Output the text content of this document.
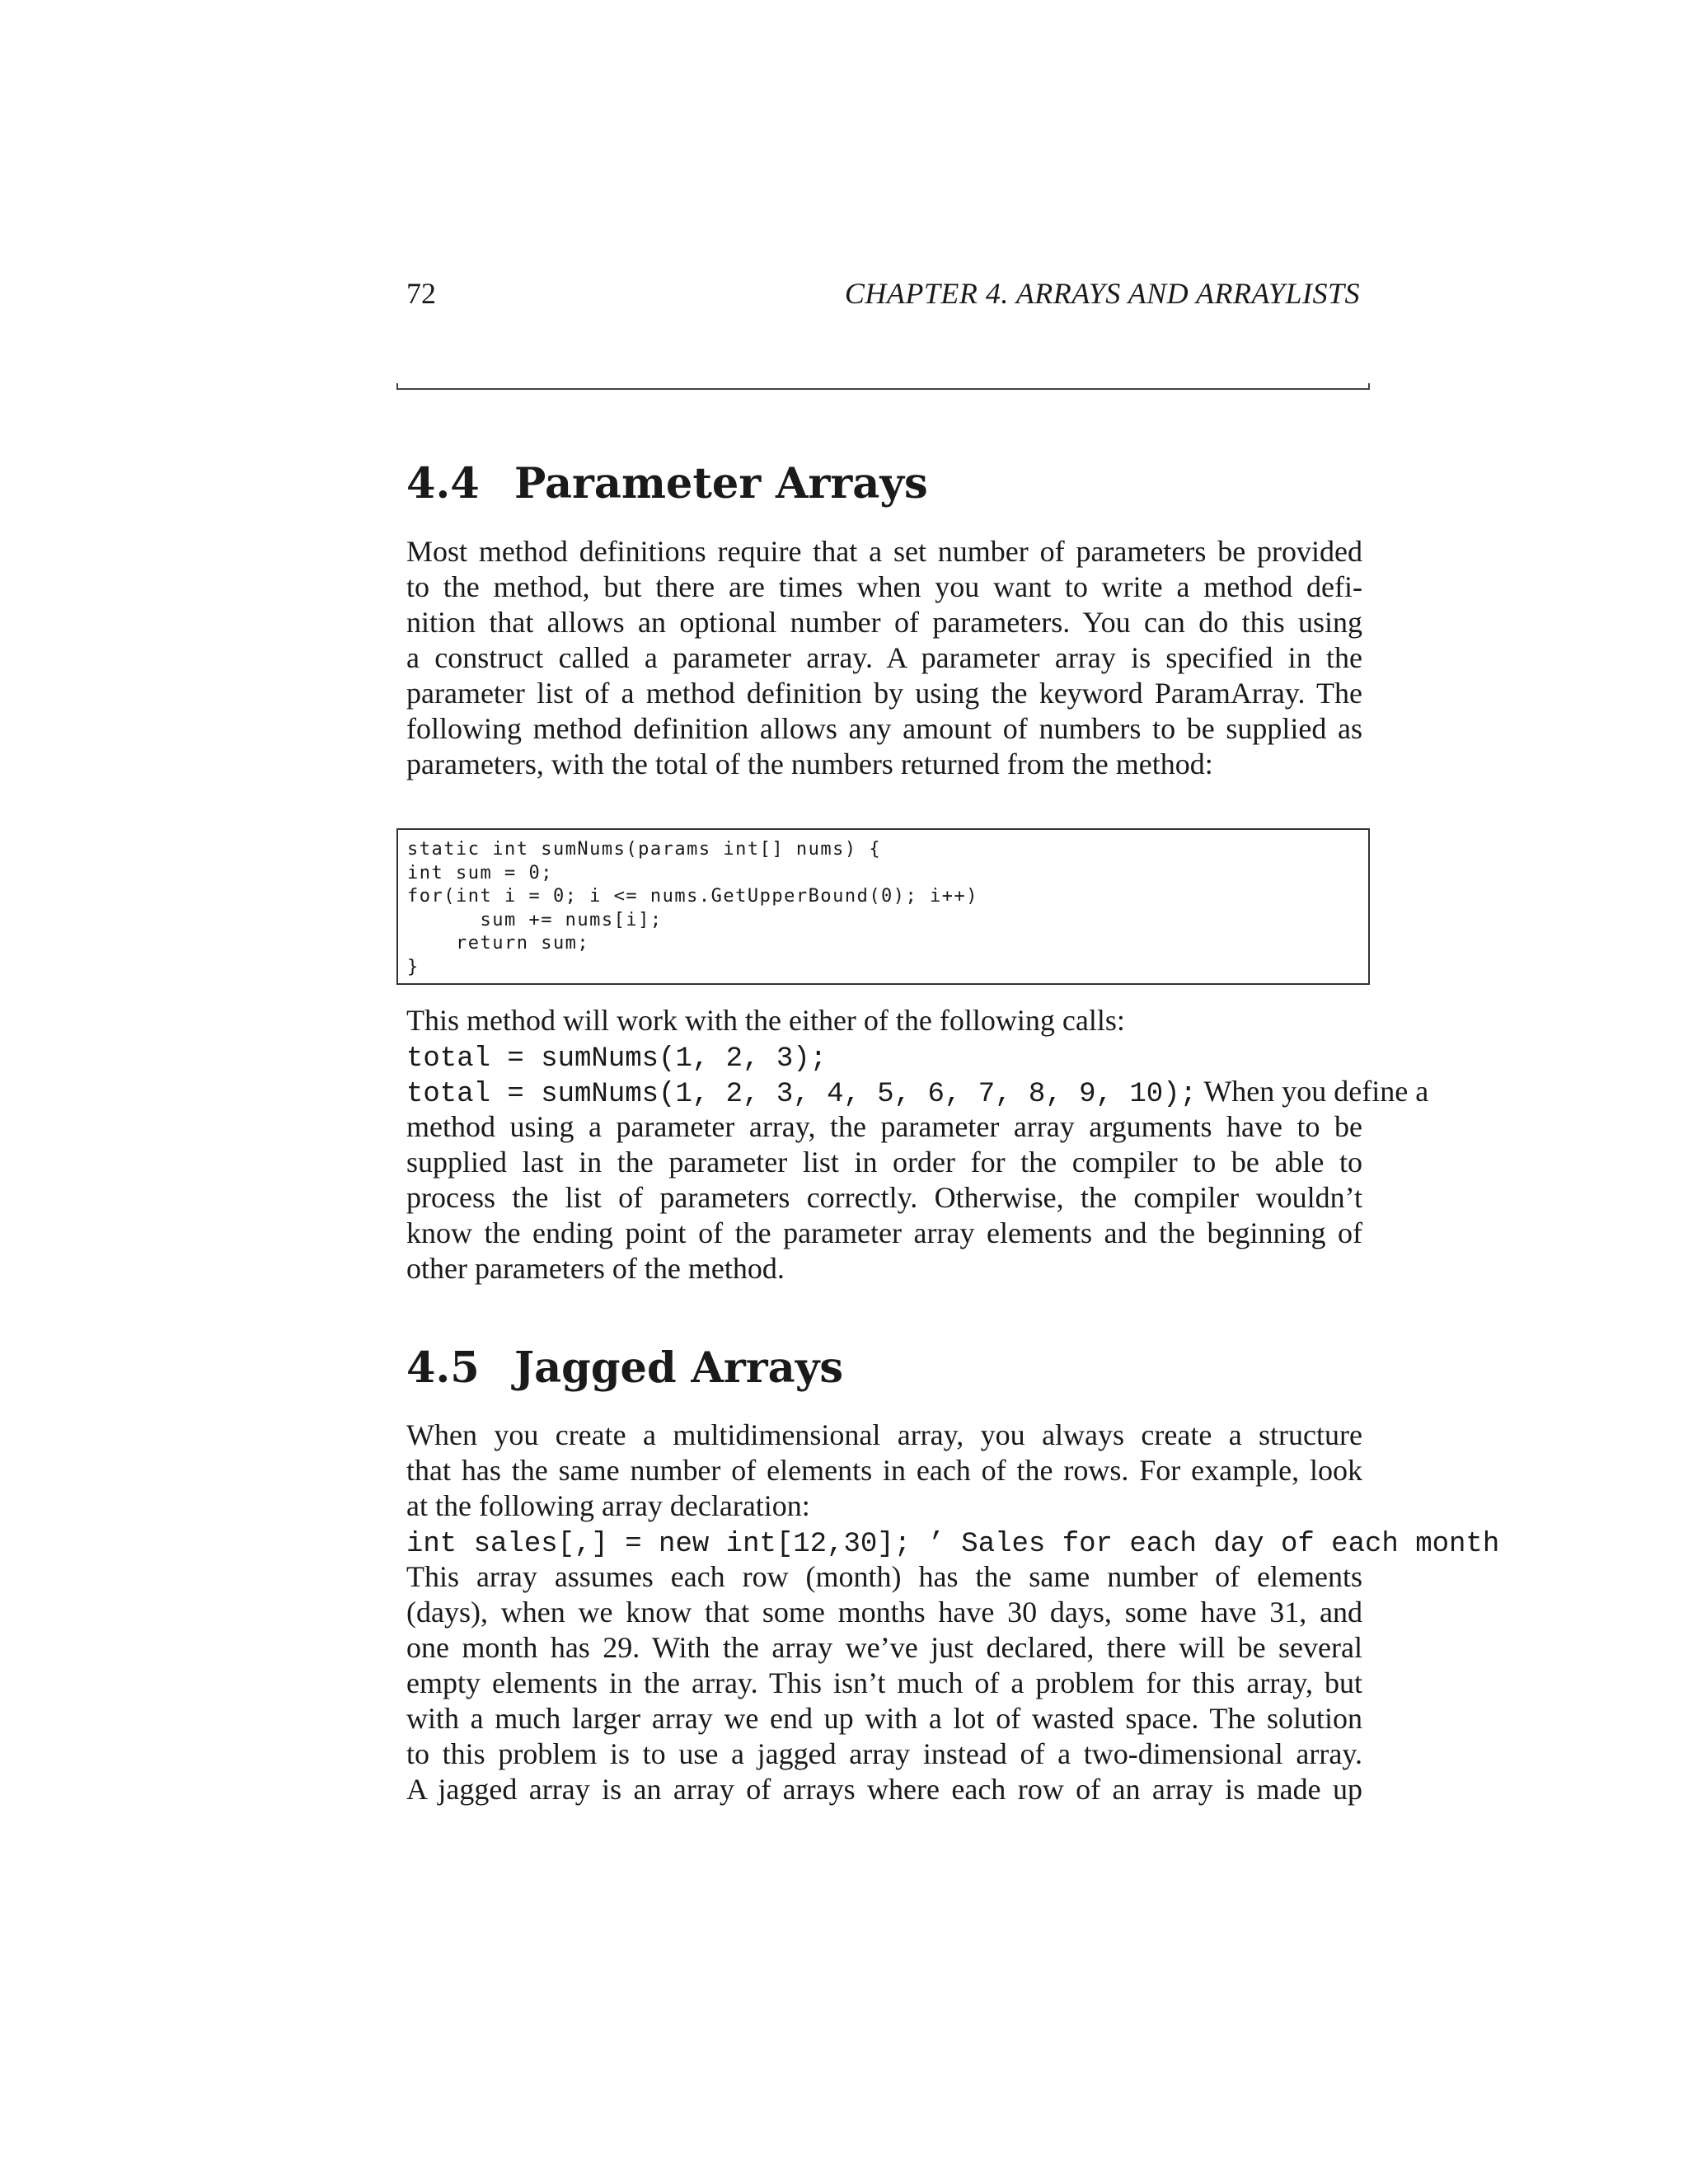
72	CHAPTER 4. ARRAYS AND ARRAYLISTS
4.4 Parameter Arrays
Most method definitions require that a set number of parameters be provided
to the method, but there are times when you want to write a method defi-
nition that allows an optional number of parameters. You can do this using
a construct called a parameter array. A parameter array is specified in the
parameter list of a method definition by using the keyword ParamArray. The
following method definition allows any amount of numbers to be supplied as
parameters, with the total of the numbers returned from the method:
static int sumNums(params int[] nums) {
int sum = 0;
for(int i = 0; i <= nums.GetUpperBound(0); i++)
sum += nums[i];
return sum;
}
This method will work with the either of the following calls:
total = sumNums(1, 2, 3);
total = sumNums(1, 2, 3, 4, 5, 6, 7, 8, 9, 10); When you define a
method using a parameter array, the parameter array arguments have to be
supplied last in the parameter list in order for the compiler to be able to
process the list of parameters correctly. Otherwise, the compiler wouldn’t
know the ending point of the parameter array elements and the beginning of
other parameters of the method.
4.5 Jagged Arrays
When you create a multidimensional array, you always create a structure
that has the same number of elements in each of the rows. For example, look
at the following array declaration:
int sales[,] = new int[12,30]; ’ Sales for each day of each month
This array assumes each row (month) has the same number of elements
(days), when we know that some months have 30 days, some have 31, and
one month has 29. With the array we’ve just declared, there will be several
empty elements in the array. This isn’t much of a problem for this array, but
with a much larger array we end up with a lot of wasted space. The solution
to this problem is to use a jagged array instead of a two-dimensional array.
A jagged array is an array of arrays where each row of an array is made up
